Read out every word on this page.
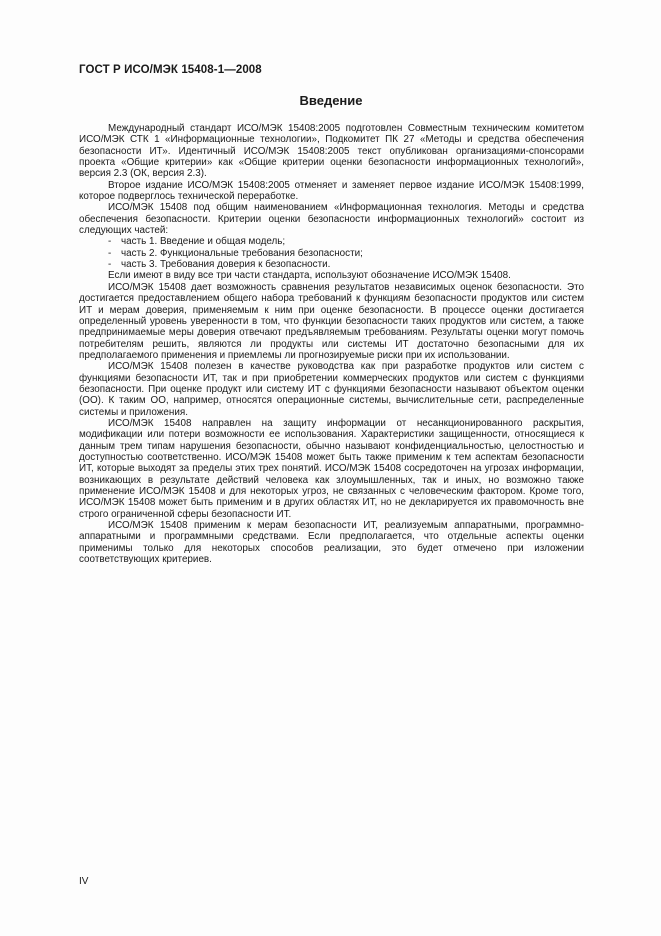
ГОСТ Р ИСО/МЭК 15408-1—2008
Введение

Международный стандарт ИСО/МЭК 15408:2005 подготовлен Совместным техническим комитетом ИСО/МЭК СТК 1 «Информационные технологии», Подкомитет ПК 27 «Методы и средства обеспечения безопасности ИТ». Идентичный ИСО/МЭК 15408:2005 текст опубликован организациями-спонсорами проекта «Общие критерии» как «Общие критерии оценки безопасности информационных технологий», версия 2.3 (ОК, версия 2.3).

Второе издание ИСО/МЭК 15408:2005 отменяет и заменяет первое издание ИСО/МЭК 15408:1999, которое подверглось технической переработке.

ИСО/МЭК 15408 под общим наименованием «Информационная технология. Методы и средства обеспечения безопасности. Критерии оценки безопасности информационных технологий» состоит из следующих частей:

- часть 1. Введение и общая модель;
- часть 2. Функциональные требования безопасности;
- часть 3. Требования доверия к безопасности.

Если имеют в виду все три части стандарта, используют обозначение ИСО/МЭК 15408.

ИСО/МЭК 15408 дает возможность сравнения результатов независимых оценок безопасности. Это достигается предоставлением общего набора требований к функциям безопасности продуктов или систем ИТ и мерам доверия, применяемым к ним при оценке безопасности. В процессе оценки достигается определенный уровень уверенности в том, что функции безопасности таких продуктов или систем, а также предпринимаемые меры доверия отвечают предъявляемым требованиям. Результаты оценки могут помочь потребителям решить, являются ли продукты или системы ИТ достаточно безопасными для их предполагаемого применения и приемлемы ли прогнозируемые риски при их использовании.

ИСО/МЭК 15408 полезен в качестве руководства как при разработке продуктов или систем с функциями безопасности ИТ, так и при приобретении коммерческих продуктов или систем с функциями безопасности. При оценке продукт или систему ИТ с функциями безопасности называют объектом оценки (ОО). К таким ОО, например, относятся операционные системы, вычислительные сети, распределенные системы и приложения.

ИСО/МЭК 15408 направлен на защиту информации от несанкционированного раскрытия, модификации или потери возможности ее использования. Характеристики защищенности, относящиеся к данным трем типам нарушения безопасности, обычно называют конфиденциальностью, целостностью и доступностью соответственно. ИСО/МЭК 15408 может быть также применим к тем аспектам безопасности ИТ, которые выходят за пределы этих трех понятий. ИСО/МЭК 15408 сосредоточен на угрозах информации, возникающих в результате действий человека как злоумышленных, так и иных, но возможно также применение ИСО/МЭК 15408 и для некоторых угроз, не связанных с человеческим фактором. Кроме того, ИСО/МЭК 15408 может быть применим и в других областях ИТ, но не декларируется их правомочность вне строго ограниченной сферы безопасности ИТ.

ИСО/МЭК 15408 применим к мерам безопасности ИТ, реализуемым аппаратными, программно-аппаратными и программными средствами. Если предполагается, что отдельные аспекты оценки применимы только для некоторых способов реализации, это будет отмечено при изложении соответствующих критериев.

IV
